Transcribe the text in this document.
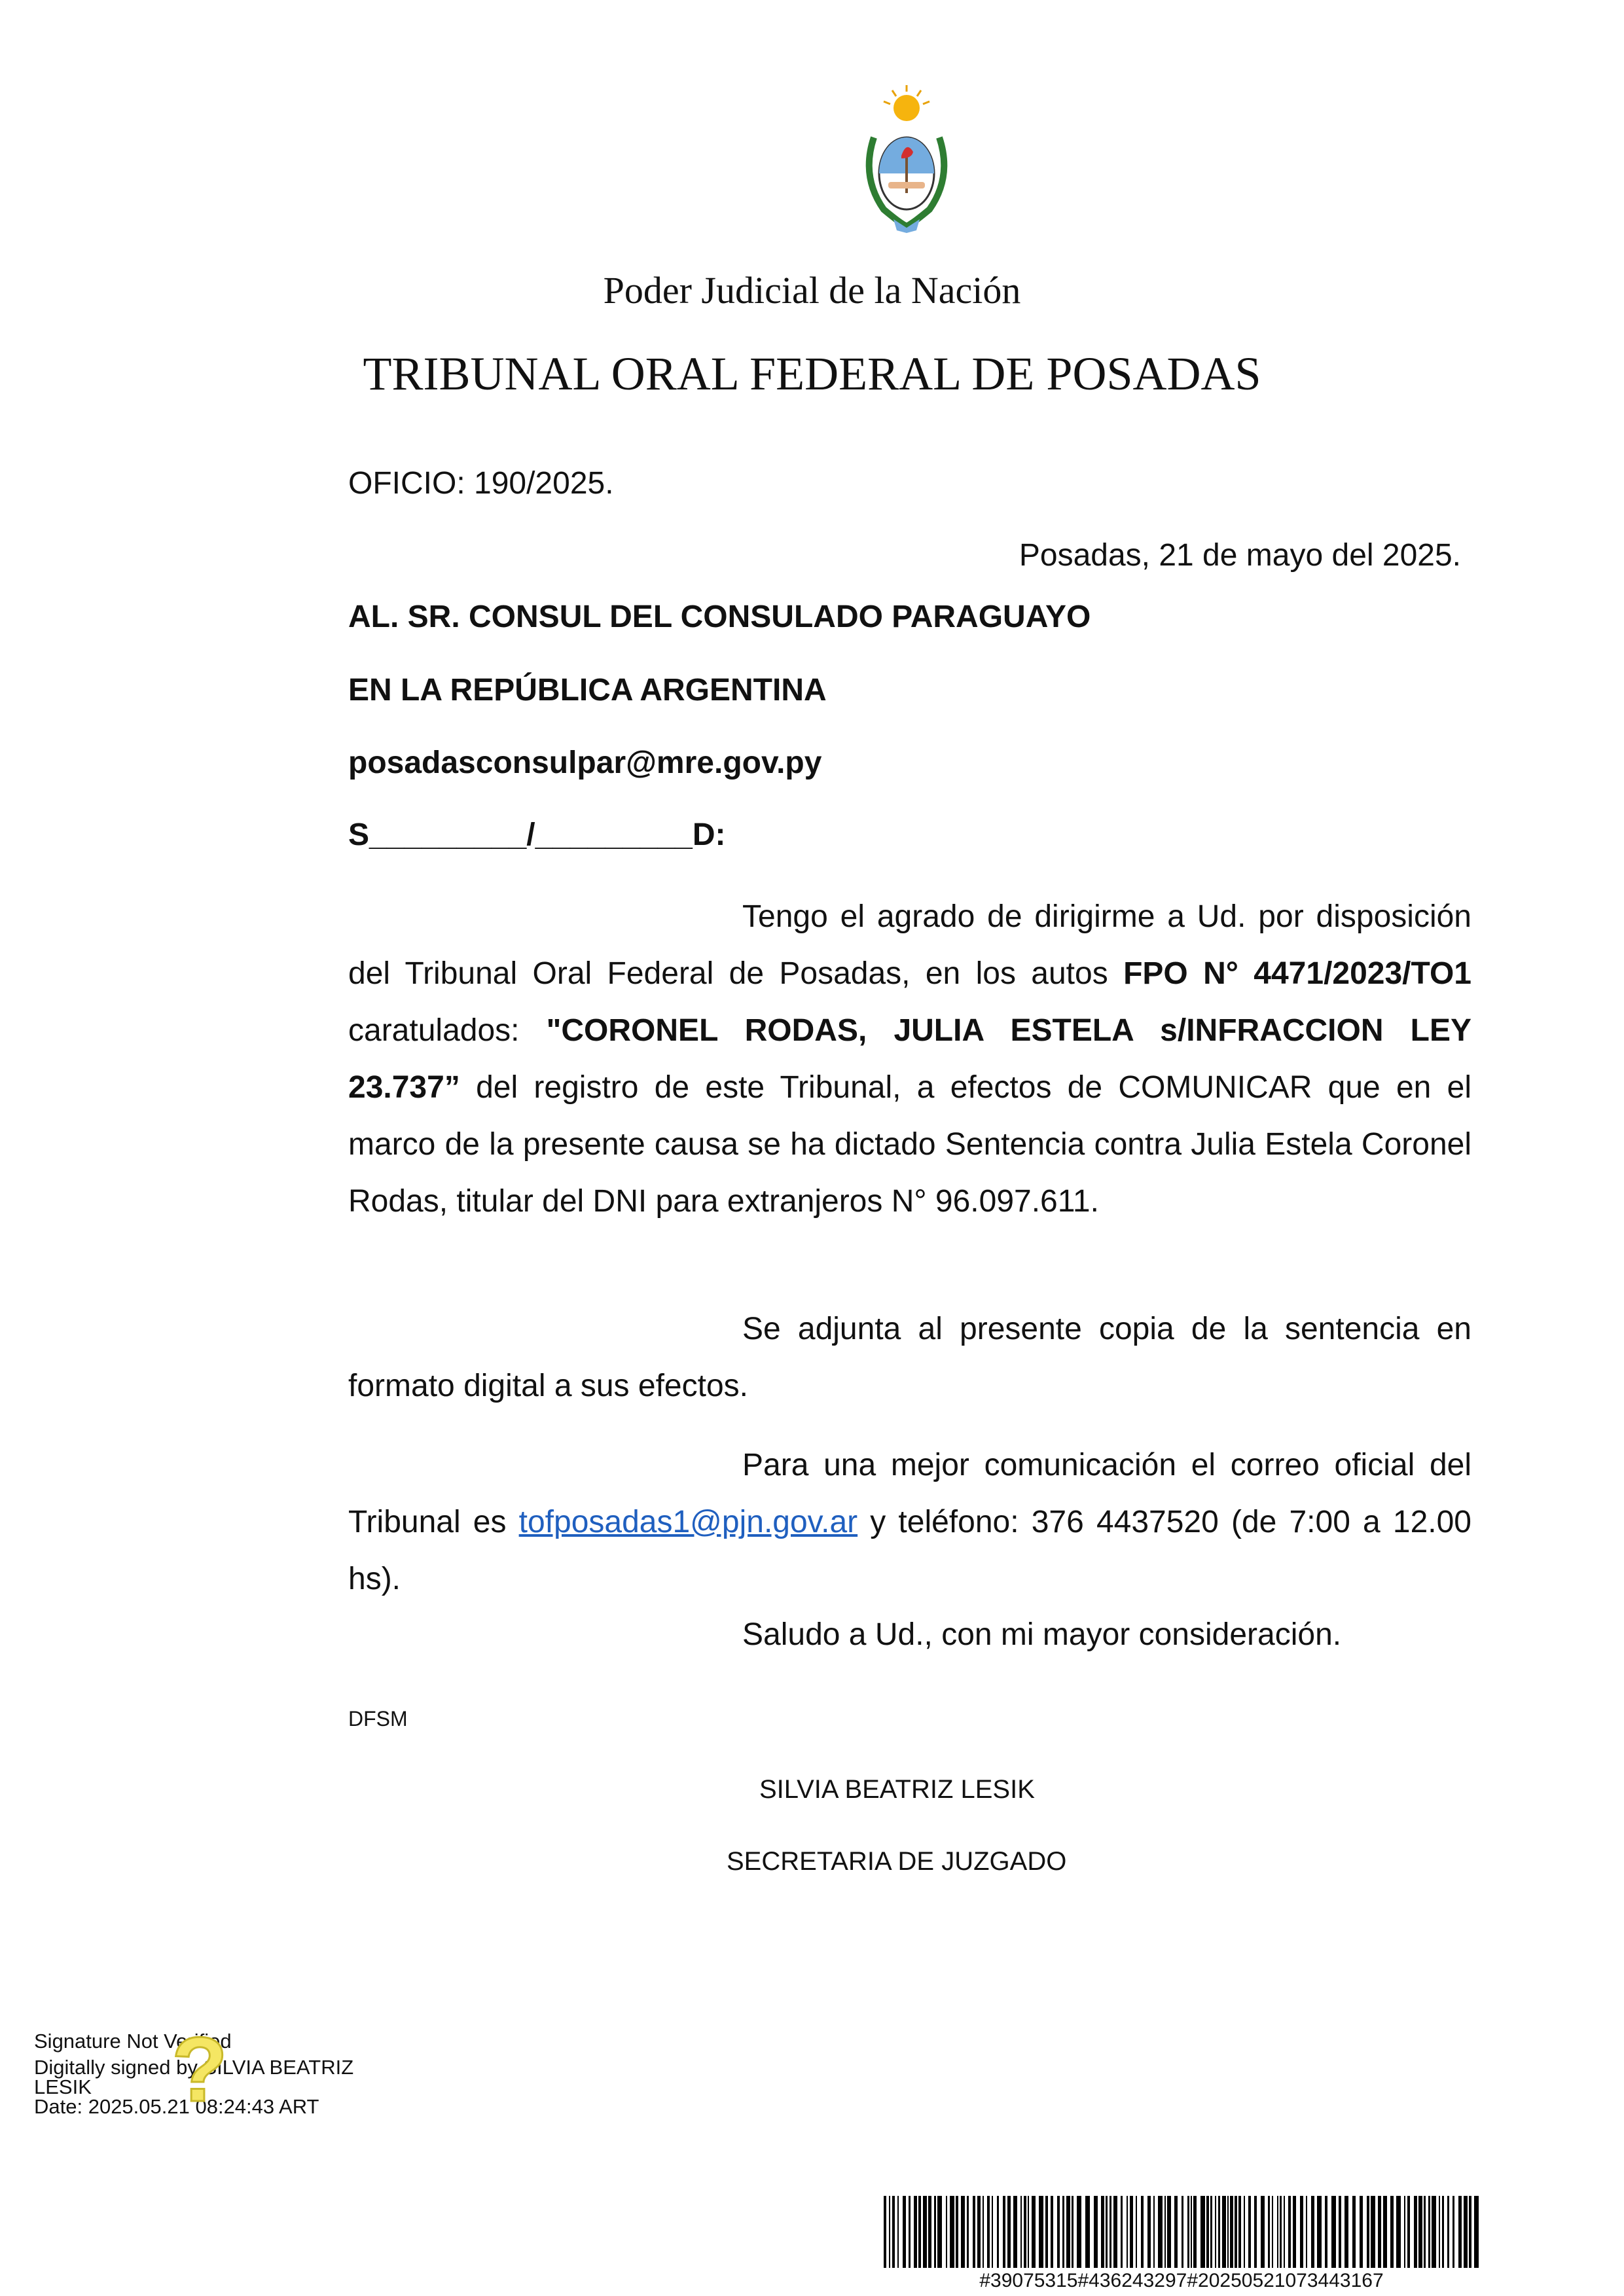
Poder Judicial de la Nación
TRIBUNAL ORAL FEDERAL DE POSADAS
OFICIO: 190/2025.
Posadas, 21 de mayo del 2025.
AL. SR. CONSUL DEL CONSULADO PARAGUAYO
EN LA REPÚBLICA ARGENTINA
posadasconsulpar@mre.gov.py
S_________/_________D:
Tengo el agrado de dirigirme a Ud. por disposición del Tribunal Oral Federal de Posadas, en los autos FPO N° 4471/2023/TO1 caratulados: "CORONEL RODAS, JULIA ESTELA s/INFRACCION LEY 23.737” del registro de este Tribunal, a efectos de COMUNICAR que en el marco de la presente causa se ha dictado Sentencia contra Julia Estela Coronel Rodas, titular del DNI para extranjeros N° 96.097.611.
Se adjunta al presente copia de la sentencia en formato digital a sus efectos.
Para una mejor comunicación el correo oficial del Tribunal es tofposadas1@pjn.gov.ar y teléfono: 376 4437520 (de 7:00 a 12.00 hs).
Saludo a Ud., con mi mayor consideración.
DFSM
SILVIA BEATRIZ LESIK
SECRETARIA DE JUZGADO
Signature Not Verified
Digitally signed by SILVIA BEATRIZ
LESIK
Date: 2025.05.21 08:24:43 ART
?
#39075315#436243297#20250521073443167
